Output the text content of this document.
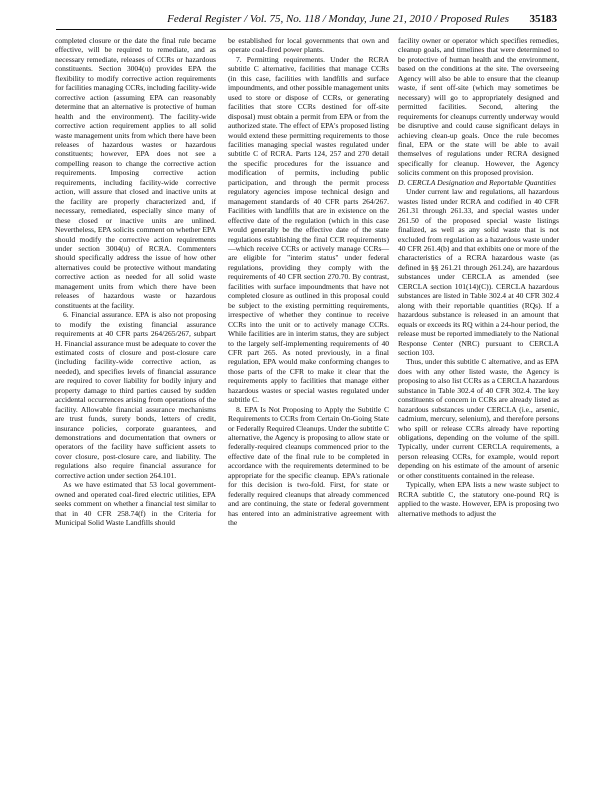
Federal Register / Vol. 75, No. 118 / Monday, June 21, 2010 / Proposed Rules 35183

completed closure or the date the final rule became effective, will be required to remediate, and as necessary remediate, releases of CCRs or hazardous constituents. Section 3004(u) provides EPA the flexibility to modify corrective action requirements for facilities managing CCRs, including facility-wide corrective action (assuming EPA can reasonably determine that an alternative is protective of human health and the environment). The facility-wide corrective action requirement applies to all solid waste management units from which there have been releases of hazardous wastes or hazardous constituents; however, EPA does not see a compelling reason to change the corrective action requirements. Imposing corrective action requirements, including facility-wide corrective action, will assure that closed and inactive units at the facility are properly characterized and, if necessary, remediated, especially since many of these closed or inactive units are unlined. Nevertheless, EPA solicits comment on whether EPA should modify the corrective action requirements under section 3004(u) of RCRA. Commenters should specifically address the issue of how other alternatives could be protective without mandating corrective action as needed for all solid waste management units from which there have been releases of hazardous waste or hazardous constituents at the facility.

6. Financial assurance. EPA is also not proposing to modify the existing financial assurance requirements at 40 CFR parts 264/265/267, subpart H. Financial assurance must be adequate to cover the estimated costs of closure and post-closure care (including facility-wide corrective action, as needed), and specifies levels of financial assurance are required to cover liability for bodily injury and property damage to third parties caused by sudden accidental occurrences arising from operations of the facility. Allowable financial assurance mechanisms are trust funds, surety bonds, letters of credit, insurance policies, corporate guarantees, and demonstrations and documentation that owners or operators of the facility have sufficient assets to cover closure, post-closure care, and liability. The regulations also require financial assurance for corrective action under section 264.101.

As we have estimated that 53 local government-owned and operated coal-fired electric utilities, EPA seeks comment on whether a financial test similar to that in 40 CFR 258.74(f) in the Criteria for Municipal Solid Waste Landfills should

be established for local governments that own and operate coal-fired power plants.

7. Permitting requirements. Under the RCRA subtitle C alternative, facilities that manage CCRs (in this case, facilities with landfills and surface impoundments, and other possible management units used to store or dispose of CCRs, or generating facilities that store CCRs destined for off-site disposal) must obtain a permit from EPA or from the authorized state. The effect of EPA's proposed listing would extend these permitting requirements to those facilities managing special wastes regulated under subtitle C of RCRA. Parts 124, 257 and 270 detail the specific procedures for the issuance and modification of permits, including public participation, and through the permit process regulatory agencies impose technical design and management standards of 40 CFR parts 264/267. Facilities with landfills that are in existence on the effective date of the regulation (which in this case would generally be the effective date of the state regulations establishing the final CCR requirements)—which receive CCRs or actively manage CCRs—are eligible for "interim status" under federal regulations, providing they comply with the requirements of 40 CFR section 270.70. By contrast, facilities with surface impoundments that have not completed closure as outlined in this proposal could be subject to the existing permitting requirements, irrespective of whether they continue to receive CCRs into the unit or to actively manage CCRs. While facilities are in interim status, they are subject to the largely self-implementing requirements of 40 CFR part 265. As noted previously, in a final regulation, EPA would make conforming changes to those parts of the CFR to make it clear that the requirements apply to facilities that manage either hazardous wastes or special wastes regulated under subtitle C.

8. EPA Is Not Proposing to Apply the Subtitle C Requirements to CCRs from Certain On-Going State or Federally Required Cleanups. Under the subtitle C alternative, the Agency is proposing to allow state or federally-required cleanups commenced prior to the effective date of the final rule to be completed in accordance with the requirements determined to be appropriate for the specific cleanup. EPA's rationale for this decision is two-fold. First, for state or federally required cleanups that already commenced and are continuing, the state or federal government has entered into an administrative agreement with the

facility owner or operator which specifies remedies, cleanup goals, and timelines that were determined to be protective of human health and the environment, based on the conditions at the site. The overseeing Agency will also be able to ensure that the cleanup waste, if sent off-site (which may sometimes be necessary) will go to appropriately designed and permitted facilities. Second, altering the requirements for cleanups currently underway would be disruptive and could cause significant delays in achieving clean-up goals. Once the rule becomes final, EPA or the state will be able to avail themselves of regulations under RCRA designed specifically for cleanup. However, the Agency solicits comment on this proposed provision.

D. CERCLA Designation and Reportable Quantities

Under current law and regulations, all hazardous wastes listed under RCRA and codified in 40 CFR 261.31 through 261.33, and special wastes under 261.50 of the proposed special waste listings finalized, as well as any solid waste that is not excluded from regulation as a hazardous waste under 40 CFR 261.4(b) and that exhibits one or more of the characteristics of a RCRA hazardous waste (as defined in §§ 261.21 through 261.24), are hazardous substances under CERCLA as amended (see CERCLA section 101(14)(C)). CERCLA hazardous substances are listed in Table 302.4 at 40 CFR 302.4 along with their reportable quantities (RQs). If a hazardous substance is released in an amount that equals or exceeds its RQ within a 24-hour period, the release must be reported immediately to the National Response Center (NRC) pursuant to CERCLA section 103.

Thus, under this subtitle C alternative, and as EPA does with any other listed waste, the Agency is proposing to also list CCRs as a CERCLA hazardous substance in Table 302.4 of 40 CFR 302.4. The key constituents of concern in CCRs are already listed as hazardous substances under CERCLA (i.e., arsenic, cadmium, mercury, selenium), and therefore persons who spill or release CCRs already have reporting obligations, depending on the volume of the spill. Typically, under current CERCLA requirements, a person releasing CCRs, for example, would report depending on his estimate of the amount of arsenic or other constituents contained in the release.

Typically, when EPA lists a new waste subject to RCRA subtitle C, the statutory one-pound RQ is applied to the waste. However, EPA is proposing two alternative methods to adjust the
